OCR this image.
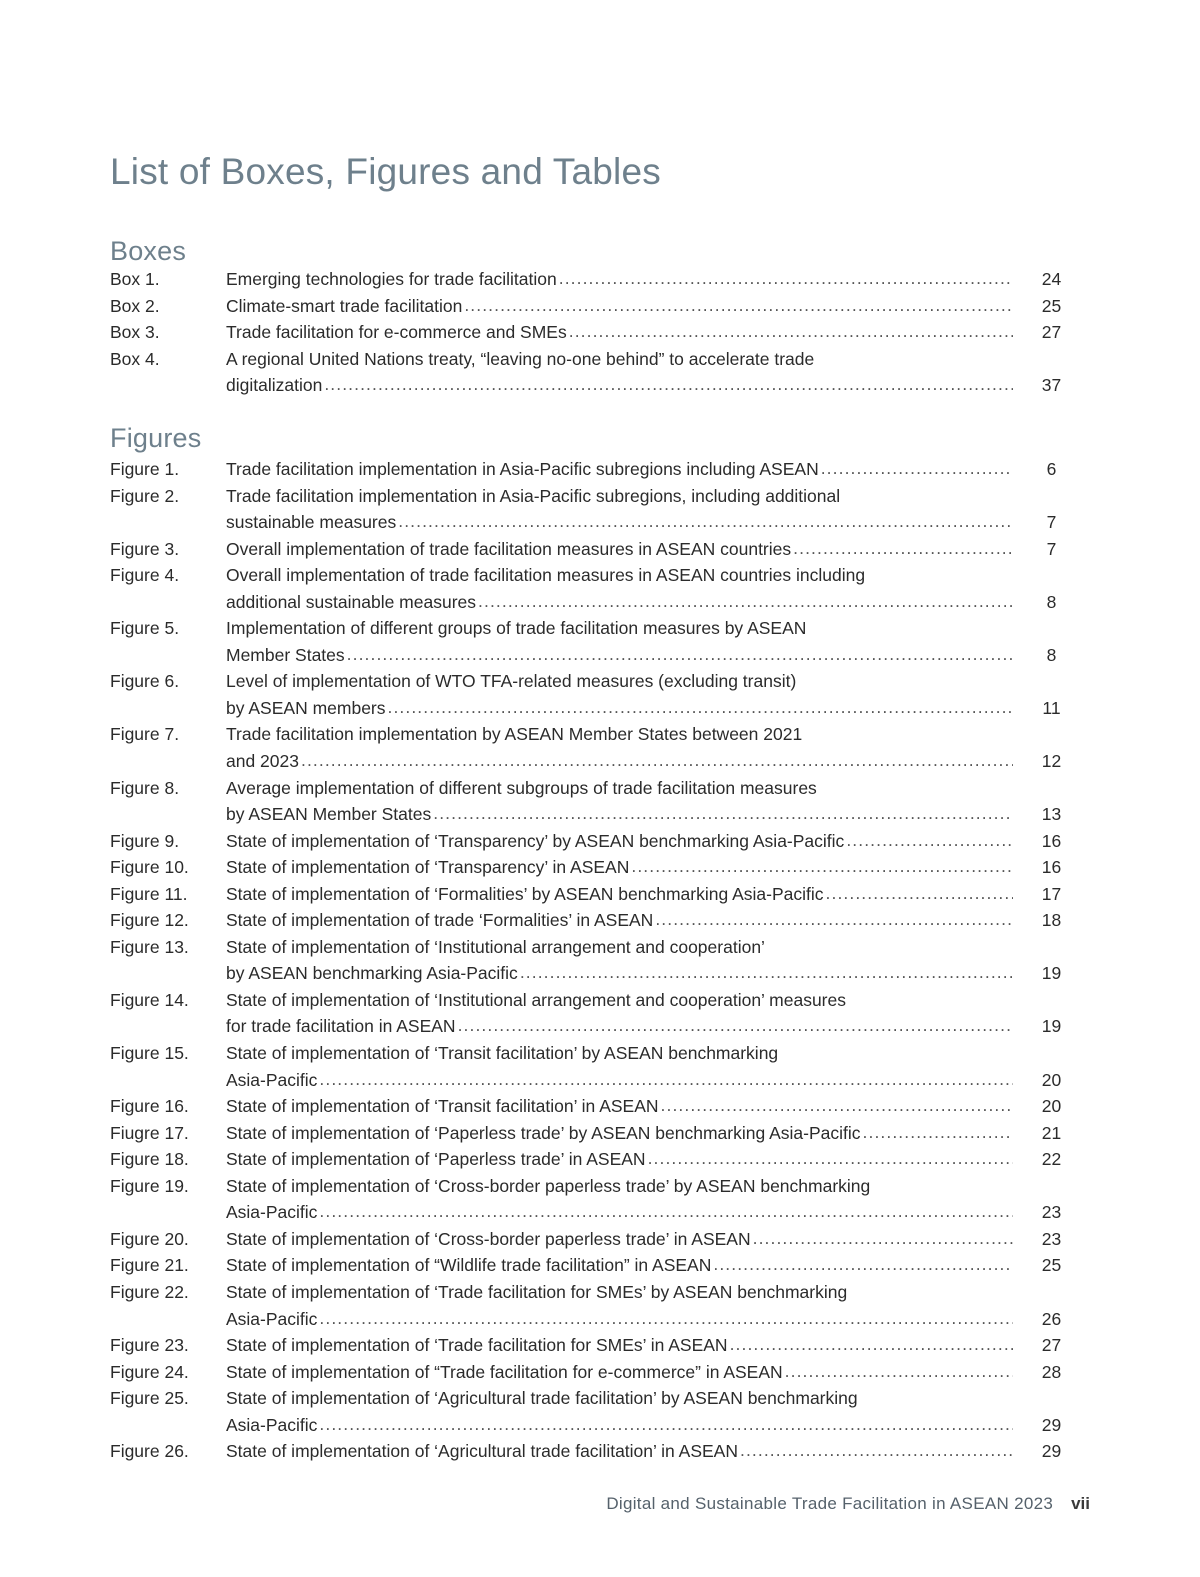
List of Boxes, Figures and Tables
Boxes
Box 1.	Emerging technologies for trade facilitation .....	24
Box 2.	Climate-smart trade facilitation .....	25
Box 3.	Trade facilitation for e-commerce and SMEs .....	27
Box 4.	A regional United Nations treaty, “leaving no-one behind” to accelerate trade

digitalization .....	37
Figures
Figure 1.	Trade facilitation implementation in Asia-Pacific subregions including ASEAN .....	6
Figure 2.	Trade facilitation implementation in Asia-Pacific subregions, including additional

sustainable measures .....	7
Figure 3.	Overall implementation of trade facilitation measures in ASEAN countries .....	7
Figure 4.	Overall implementation of trade facilitation measures in ASEAN countries including

additional sustainable measures .....	8
Figure 5.	Implementation of different groups of trade facilitation measures by ASEAN

Member States .....	8
Figure 6.	Level of implementation of WTO TFA-related measures (excluding transit)

by ASEAN members .....	11
Figure 7.	Trade facilitation implementation by ASEAN Member States between 2021

and 2023 .....	12
Figure 8.	Average implementation of different subgroups of trade facilitation measures

by ASEAN Member States .....	13
Figure 9.	State of implementation of ‘Transparency’ by ASEAN benchmarking Asia-Pacific .....	16
Figure 10.	State of implementation of ‘Transparency’ in ASEAN .....	16
Figure 11.	State of implementation of ‘Formalities’ by ASEAN benchmarking Asia-Pacific .....	17
Figure 12.	State of implementation of trade ‘Formalities’ in ASEAN .....	18
Figure 13.	State of implementation of ‘Institutional arrangement and cooperation’

by ASEAN benchmarking Asia-Pacific .....	19
Figure 14.	State of implementation of ‘Institutional arrangement and cooperation’ measures

for trade facilitation in ASEAN .....	19
Figure 15.	State of implementation of ‘Transit facilitation’ by ASEAN benchmarking

Asia-Pacific .....	20
Figure 16.	State of implementation of ‘Transit facilitation’ in ASEAN .....	20
Fiugre 17.	State of implementation of ‘Paperless trade’ by ASEAN benchmarking Asia-Pacific .....	21
Figure 18.	State of implementation of ‘Paperless trade’ in ASEAN .....	22
Figure 19.	State of implementation of ‘Cross-border paperless trade’ by ASEAN benchmarking

Asia-Pacific .....	23
Figure 20.	State of implementation of ‘Cross-border paperless trade’ in ASEAN .....	23
Figure 21.	State of implementation of “Wildlife trade facilitation” in ASEAN .....	25
Figure 22.	State of implementation of ‘Trade facilitation for SMEs’ by ASEAN benchmarking

Asia-Pacific .....	26
Figure 23.	State of implementation of ‘Trade facilitation for SMEs’ in ASEAN .....	27
Figure 24.	State of implementation of “Trade facilitation for e-commerce” in ASEAN .....	28
Figure 25.	State of implementation of ‘Agricultural trade facilitation’ by ASEAN benchmarking

Asia-Pacific .....	29
Figure 26.	State of implementation of ‘Agricultural trade facilitation’ in ASEAN .....	29
Digital and Sustainable Trade Facilitation in ASEAN 2023 vii
